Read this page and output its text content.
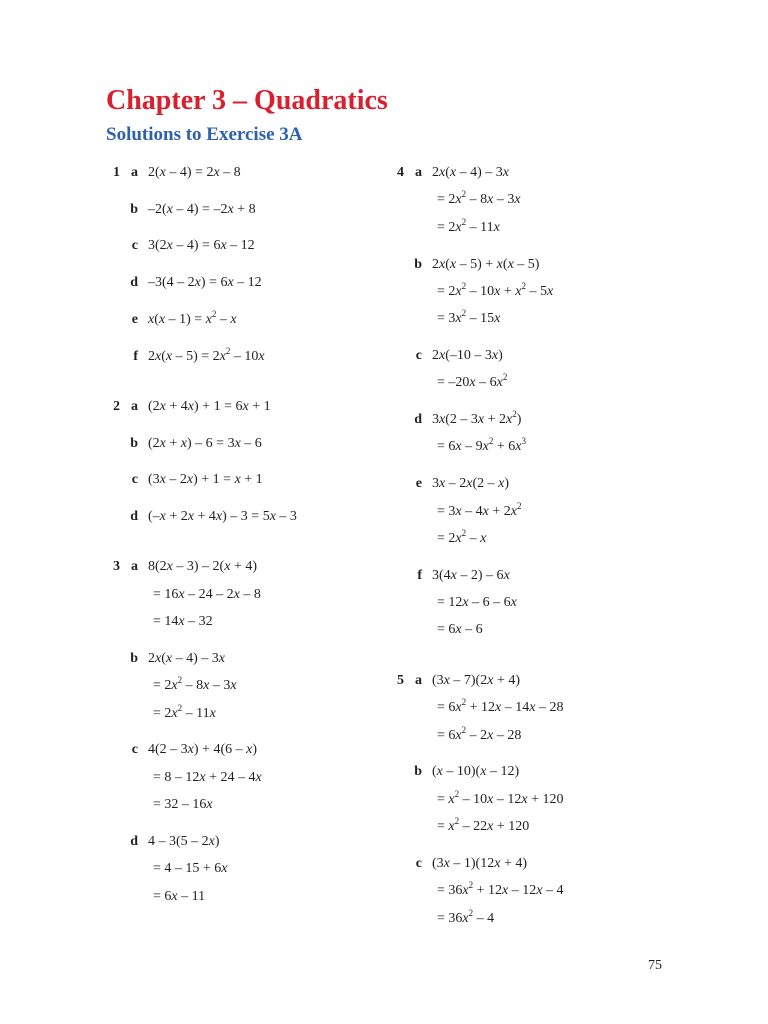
Chapter 3 – Quadratics
Solutions to Exercise 3A
1 a 2(x – 4) = 2x – 8
b –2(x – 4) = –2x + 8
c 3(2x – 4) = 6x – 12
d –3(4 – 2x) = 6x – 12
e $x(x - 1) = x^2 - x$
f $2x(x - 5) = 2x^2 - 10x$
2 a (2x + 4x) + 1 = 6x + 1
b (2x + x) – 6 = 3x – 6
c (3x – 2x) + 1 = x + 1
d (–x + 2x + 4x) – 3 = 5x – 3
3 a 8(2x – 3) – 2(x + 4)
= 16x – 24 – 2x – 8
= 14x – 32
b 2x(x – 4) – 3x
= $2x^2 - 8x - 3x$
= $2x^2 - 11x$
c 4(2 – 3x) + 4(6 – x)
= 8 – 12x + 24 – 4x
= 32 – 16x
d 4 – 3(5 – 2x)
= 4 – 15 + 6x
= 6x – 11
4 a 2x(x – 4) – 3x
= $2x^2 - 8x - 3x$
= $2x^2 - 11x$
b 2x(x – 5) + x(x – 5)
= $2x^2 - 10x + x^2 - 5x$
= $3x^2 - 15x$
c 2x(–10 – 3x)
= $-20x - 6x^2$
d $3x(2 - 3x + 2x^2)$
= $6x - 9x^2 + 6x^3$
e 3x – 2x(2 – x)
= $3x - 4x + 2x^2$
= $2x^2$ – x
f 3(4x – 2) – 6x
= 12x – 6 – 6x
= 6x – 6
5 a (3x – 7)(2x + 4)
= $6x^2 + 12x - 14x - 28$
= $6x^2 - 2x - 28$
b (x – 10)(x – 12)
= $x^2 - 10x - 12x + 120$
= $x^2 - 22x + 120$
c (3x – 1)(12x + 4)
= $36x^2 + 12x - 12x - 4$
= $36x^2 - 4$
75
